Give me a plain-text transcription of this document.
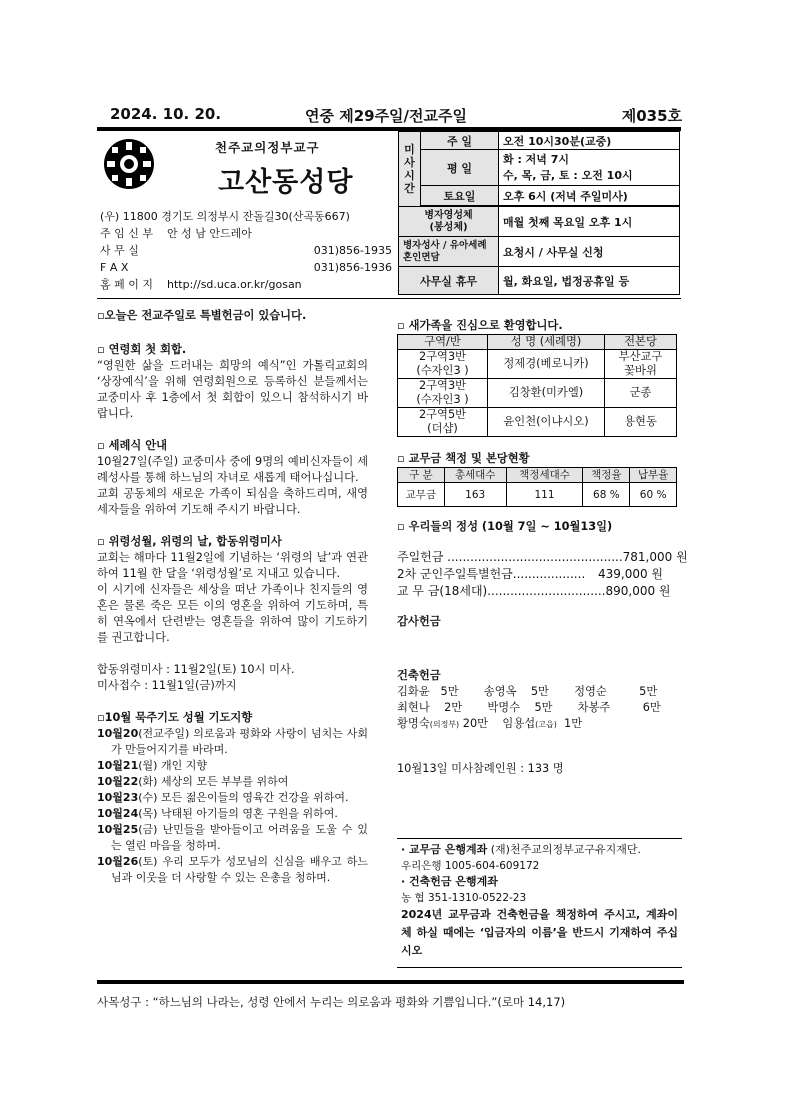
2024. 10. 20.	연중 제29주일/전교주일	제035호
천주교의정부교구
고산동성당
(우) 11800 경기도 의정부시 잔돌길30(산곡동667)
주 임 신 부 안 성 남 안드레아
사 무 실	031)856-1935
F A X	031)856-1936
홈 페 이 지 http://sd.uca.or.kr/gosan
미
사
시
간	주 일	오전 10시30분(교중)
	평 일	화 : 저녁 7시
수, 목, 금, 토 : 오전 10시

	토요일	오후 6시 (저녁 주일미사)

병자영성체
(봉성체)		매월 첫째 목요일 오후 1시
병자성사 / 유아세례
혼인면담		요청시 / 사무실 신청
사무실 휴무		월, 화요일, 법정공휴일 등
▫오늘은 전교주일로 특별헌금이 있습니다.
▫ 연령회 첫 회합.
“영원한 삶을 드러내는 희망의 예식”인 가톨릭교회의 ‘상장예식’을 위해 연령회원으로 등록하신 분들께서는 교중미사 후 1층에서 첫 회합이 있으니 참석하시기 바랍니다.
▫ 세례식 안내
10월27일(주일) 교중미사 중에 9명의 예비신자들이 세례성사를 통해 하느님의 자녀로 새롭게 태어나십니다.
교회 공동체의 새로운 가족이 되심을 축하드리며, 새영세자들을 위하여 기도해 주시기 바랍니다.
▫ 위령성월, 위령의 날, 합동위령미사
교회는 해마다 11월2일에 기념하는 ‘위령의 날’과 연관하여 11월 한 달을 ‘위령성월’로 지내고 있습니다.
이 시기에 신자들은 세상을 떠난 가족이나 친지들의 영혼은 물론 죽은 모든 이의 영혼을 위하여 기도하며, 특히 연옥에서 단련받는 영혼들을 위하여 많이 기도하기를 권고합니다.
합동위령미사 : 11월2일(토) 10시 미사.
미사접수 : 11월1일(금)까지
▫10월 묵주기도 성월 기도지향
10월20(전교주일) 의로움과 평화와 사랑이 넘치는 사회가 만들어지기를 바라며.
10월21(월) 개인 지향
10월22(화) 세상의 모든 부부를 위하여
10월23(수) 모든 젊은이들의 영육간 건강을 위하여.
10월24(목) 낙태된 아기들의 영혼 구원을 위하여.
10월25(금) 난민들을 받아들이고 어려움을 도울 수 있는 열린 마음을 청하며.
10월26(토) 우리 모두가 성모님의 신심을 배우고 하느님과 이웃을 더 사랑할 수 있는 은총을 청하며.
▫ 새가족을 진심으로 환영합니다.
구역/반	성 명 (세례명)	전본당
2구역3반
(수자인3 )	정제경(베로니카)	부산교구
꽃바위
2구역3반
(수자인3 )	김창환(미카엘)	군종
2구역5반
(더샵)	윤인천(이냐시오)	용현동
▫ 교무금 책정 및 본당현황
구 분	총세대수	책정세대수	책정율	납부율
교무금	163	111	68 %	60 %
▫ 우리들의 정성 (10월 7일 ~ 10월13일)
주일헌금 .............................................. 781,000 원
2차 군인주일특별헌금................... 439,000 원
교 무 금(18세대)............................... 890,000 원
감사헌금
건축헌금
김화윤   5만       송영옥    5만       정영순         5만
최현나    2만       박명수    5만       차봉주         6만
황명숙(의정부) 20만    임용섭(고읍)  1만
10월13일 미사참례인원 : 133 명
· 교무금 은행계좌 (재)천주교의정부교구유지재단.
우리은행 1005-604-609172
· 건축헌금 은행계좌
농 협 351-1310-0522-23
2024년 교무금과 건축헌금을 책정하여 주시고, 계좌이체 하실 때에는 ‘입금자의 이름’을 반드시 기재하여 주십시오
사목성구 : “하느님의 나라는, 성령 안에서 누리는 의로움과 평화와 기쁨입니다.”(로마 14,17)
